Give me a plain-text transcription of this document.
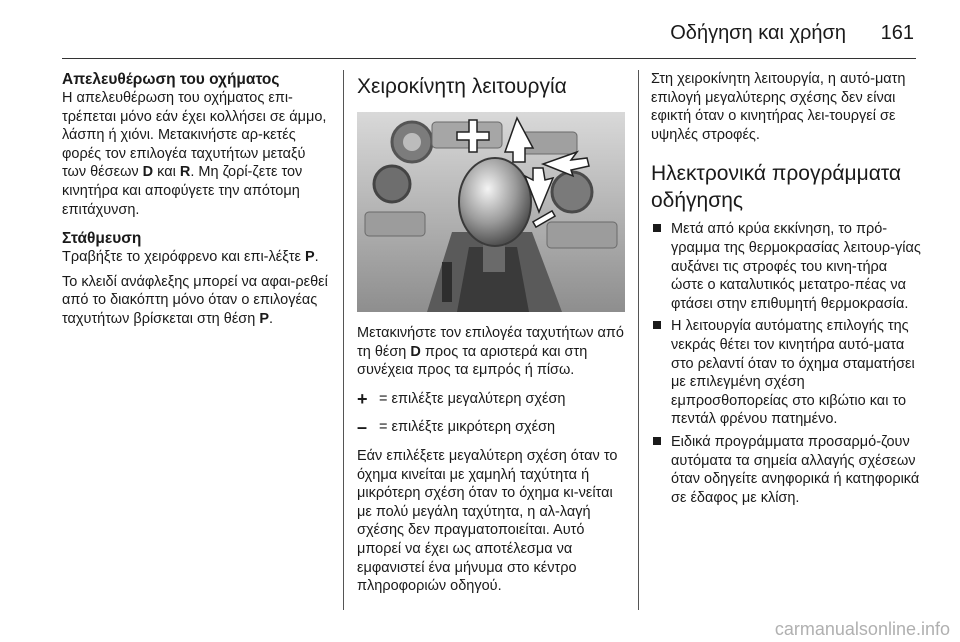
Οδήγηση και χρήση 161
Απελευθέρωση του οχήματος

Η απελευθέρωση του οχήματος επι-τρέπεται μόνο εάν έχει κολλήσει σε άμμο, λάσπη ή χιόνι. Μετακινήστε αρ-κετές φορές τον επιλογέα ταχυτήτων μεταξύ των θέσεων D και R. Μη ζορί-ζετε τον κινητήρα και αποφύγετε την απότομη επιτάχυνση.

Στάθμευση

Τραβήξτε το χειρόφρενο και επι-λέξτε P.

Το κλειδί ανάφλεξης μπορεί να αφαι-ρεθεί από το διακόπτη μόνο όταν ο επιλογέας ταχυτήτων βρίσκεται στη θέση P.

Χειροκίνητη λειτουργία

Μετακινήστε τον επιλογέα ταχυτήτων από τη θέση D προς τα αριστερά και στη συνέχεια προς τα εμπρός ή πίσω.

+ = επιλέξτε μεγαλύτερη σχέση
– = επιλέξτε μικρότερη σχέση

Εάν επιλέξετε μεγαλύτερη σχέση όταν το όχημα κινείται με χαμηλή ταχύτητα ή μικρότερη σχέση όταν το όχημα κι-νείται με πολύ μεγάλη ταχύτητα, η αλ-λαγή σχέσης δεν πραγματοποιείται. Αυτό μπορεί να έχει ως αποτέλεσμα να εμφανιστεί ένα μήνυμα στο κέντρο πληροφοριών οδηγού.

Στη χειροκίνητη λειτουργία, η αυτό-ματη επιλογή μεγαλύτερης σχέσης δεν είναι εφικτή όταν ο κινητήρας λει-τουργεί σε υψηλές στροφές.

Ηλεκτρονικά προγράμματα οδήγησης
Μετά από κρύα εκκίνηση, το πρό-γραμμα της θερμοκρασίας λειτουρ-γίας αυξάνει τις στροφές του κινη-τήρα ώστε ο καταλυτικός μετατρο-πέας να φτάσει στην επιθυμητή θερμοκρασία.
Η λειτουργία αυτόματης επιλογής της νεκράς θέτει τον κινητήρα αυτό-ματα στο ρελαντί όταν το όχημα σταματήσει με επιλεγμένη σχέση εμπροσθοπορείας στο κιβώτιο και το πεντάλ φρένου πατημένο.
Ειδικά προγράμματα προσαρμό-ζουν αυτόματα τα σημεία αλλαγής σχέσεων όταν οδηγείτε ανηφορικά ή κατηφορικά σε έδαφος με κλίση.
carmanualsonline.info
